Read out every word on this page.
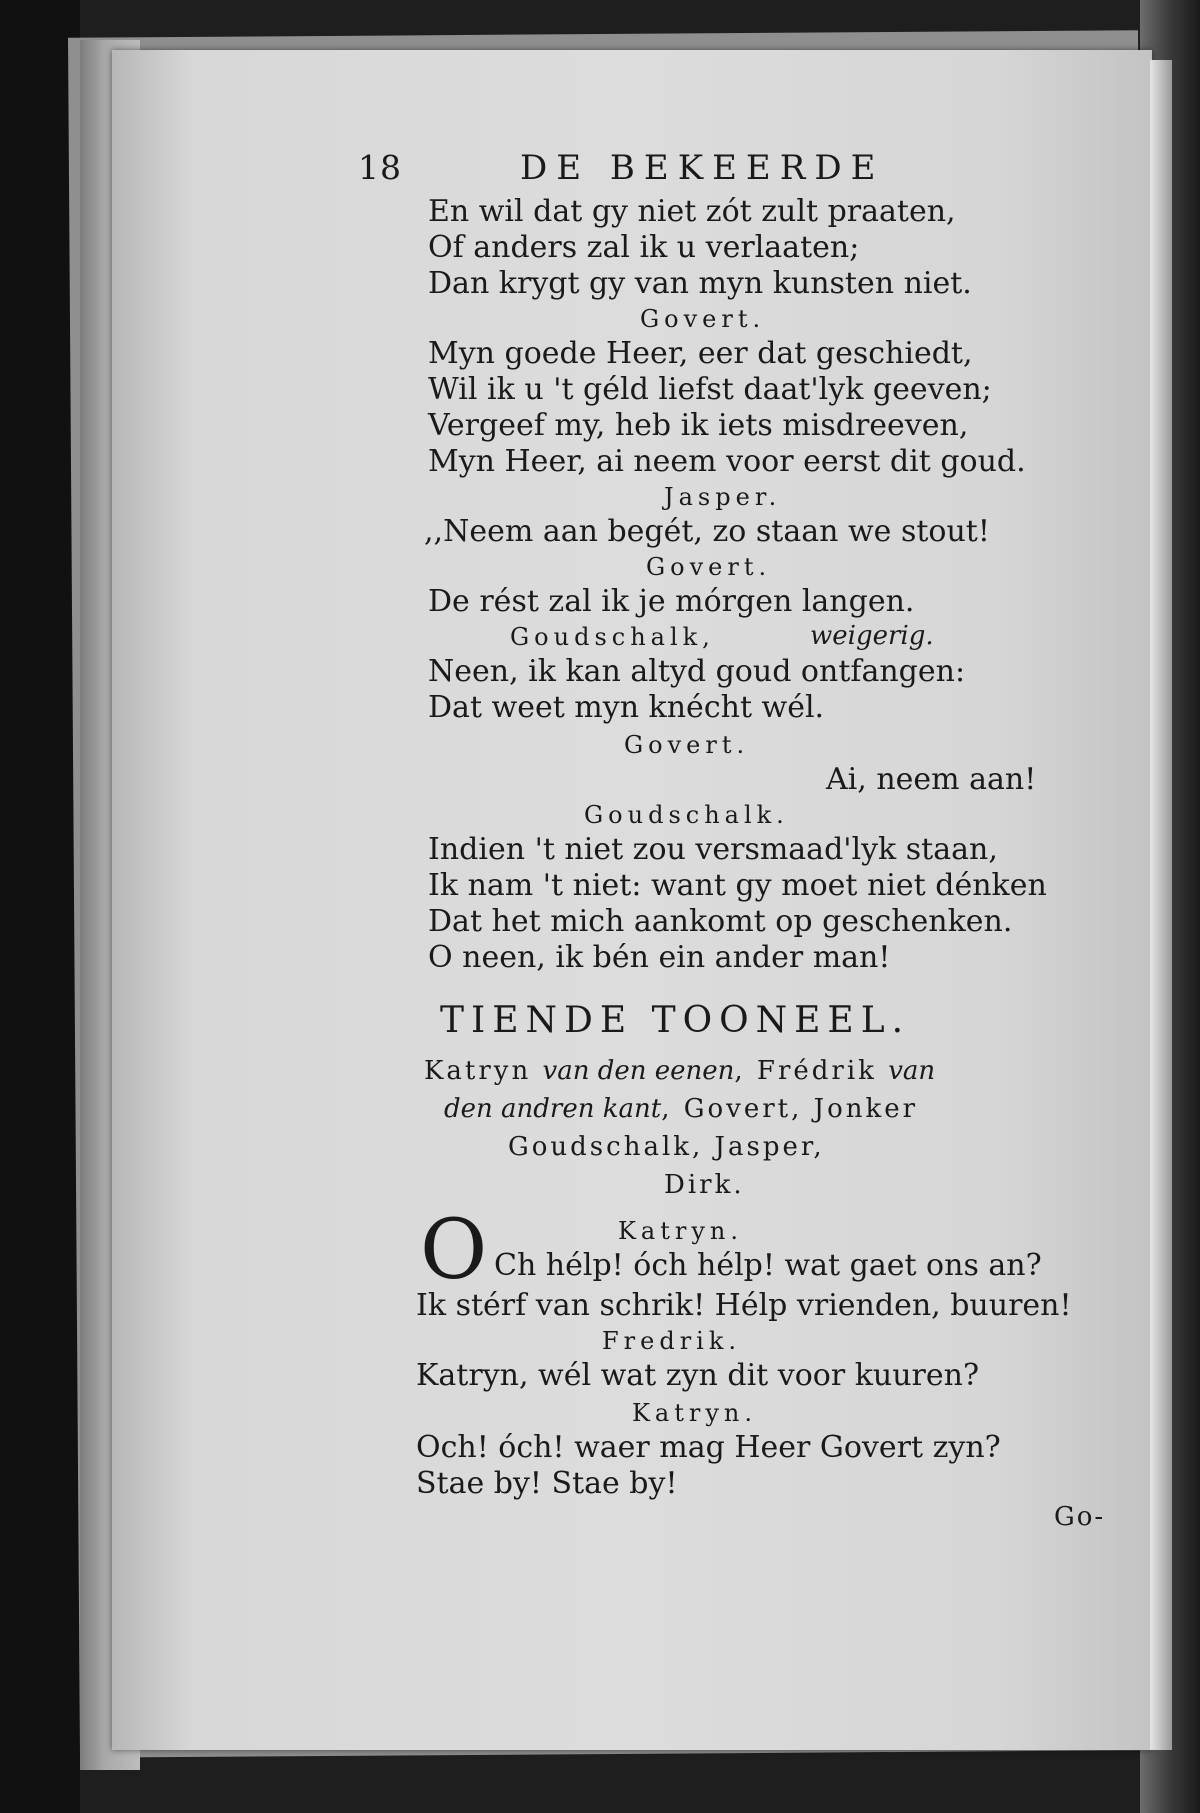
18	DE BEKEERDE
En wil dat gy niet zót zult praaten,
Of anders zal ik u verlaaten;
Dan krygt gy van myn kunsten niet.
Govert.
Myn goede Heer, eer dat geschiedt,
Wil ik u 't géld liefst daat'lyk geeven;
Vergeef my, heb ik iets misdreeven,
Myn Heer, ai neem voor eerst dit goud.
Jasper.
,,Neem aan begét, zo staan we stout!
Govert.
De rést zal ik je mórgen langen.
Goudschalk,	weigerig.
Neen, ik kan altyd goud ontfangen:
Dat weet myn knécht wél.
Govert.
Ai, neem aan!
Goudschalk.
Indien 't niet zou versmaad'lyk staan,
Ik nam 't niet: want gy moet niet dénken
Dat het mich aankomt op geschenken.
O neen, ik bén ein ander man!
TIENDE TOONEEL.
Katryn van den eenen, Frédrik van
den andren kant, Govert, Jonker
Goudschalk, Jasper,
Dirk.
O	Katryn.
Ch hélp! óch hélp! wat gaet ons an?
Ik stérf van schrik! Hélp vrienden, buuren!
Fredrik.
Katryn, wél wat zyn dit voor kuuren?
Katryn.
Och! óch! waer mag Heer Govert zyn?
Stae by! Stae by!
Go-
